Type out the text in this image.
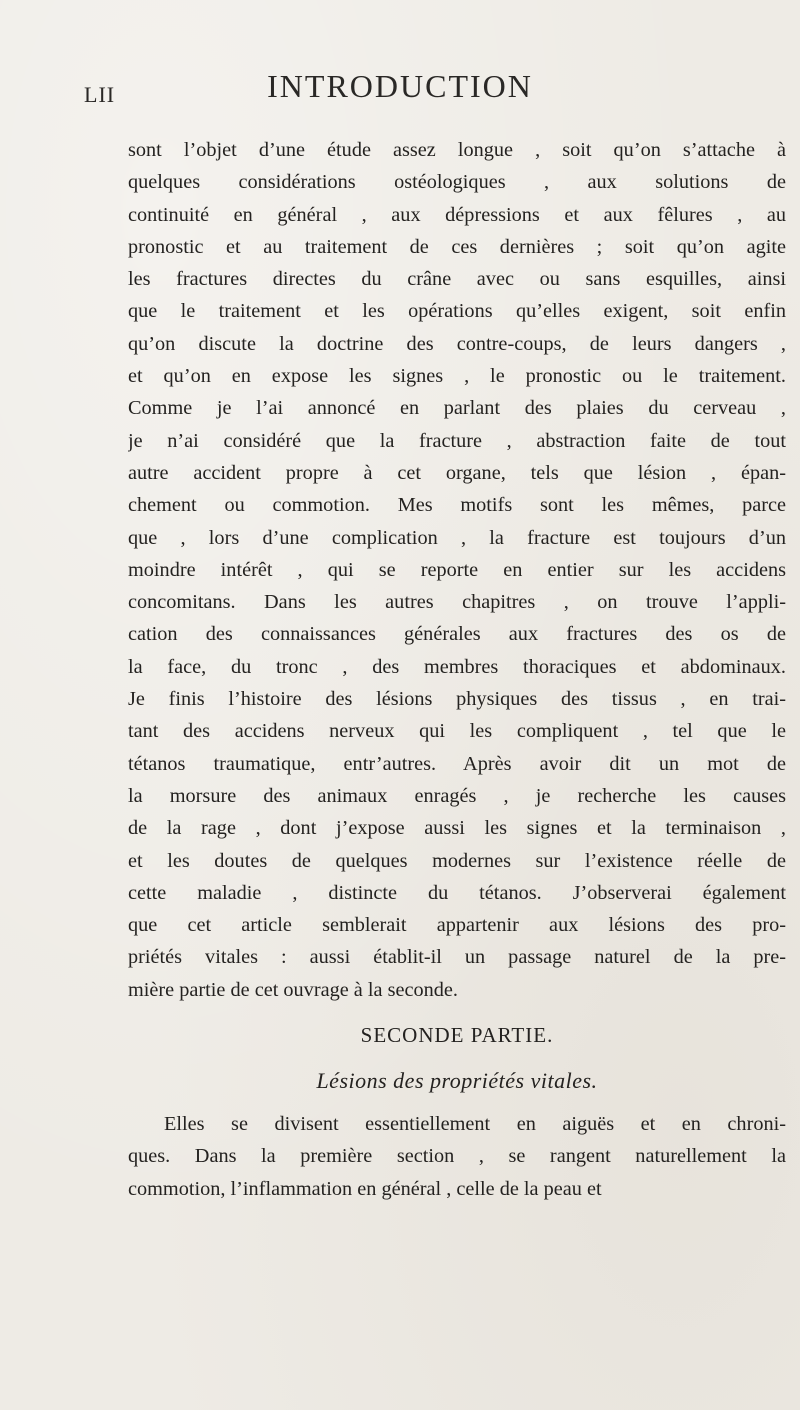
LII	INTRODUCTION

sont l’objet d’une étude assez longue , soit qu’on s’attache à
quelques considérations ostéologiques , aux solutions de
continuité en général , aux dépressions et aux fêlures , au
pronostic et au traitement de ces dernières ; soit qu’on agite
les fractures directes du crâne avec ou sans esquilles, ainsi
que le traitement et les opérations qu’elles exigent, soit enfin
qu’on discute la doctrine des contre-coups, de leurs dangers ,
et qu’on en expose les signes , le pronostic ou le traitement.
Comme je l’ai annoncé en parlant des plaies du cerveau ,
je n’ai considéré que la fracture , abstraction faite de tout
autre accident propre à cet organe, tels que lésion , épan-
chement ou commotion. Mes motifs sont les mêmes, parce
que , lors d’une complication , la fracture est toujours d’un
moindre intérêt , qui se reporte en entier sur les accidens
concomitans. Dans les autres chapitres , on trouve l’appli-
cation des connaissances générales aux fractures des os de
la face, du tronc , des membres thoraciques et abdominaux.
Je finis l’histoire des lésions physiques des tissus , en trai-
tant des accidens nerveux qui les compliquent , tel que le
tétanos traumatique, entr’autres. Après avoir dit un mot de
la morsure des animaux enragés , je recherche les causes
de la rage , dont j’expose aussi les signes et la terminaison ,
et les doutes de quelques modernes sur l’existence réelle de
cette maladie , distincte du tétanos. J’observerai également
que cet article semblerait appartenir aux lésions des pro-
priétés vitales : aussi établit-il un passage naturel de la pre-
mière partie de cet ouvrage à la seconde.

SECONDE PARTIE.
Lésions des propriétés vitales.

Elles se divisent essentiellement en aiguës et en chroni-
ques. Dans la première section , se rangent naturellement la
commotion, l’inflammation en général , celle de la peau et
